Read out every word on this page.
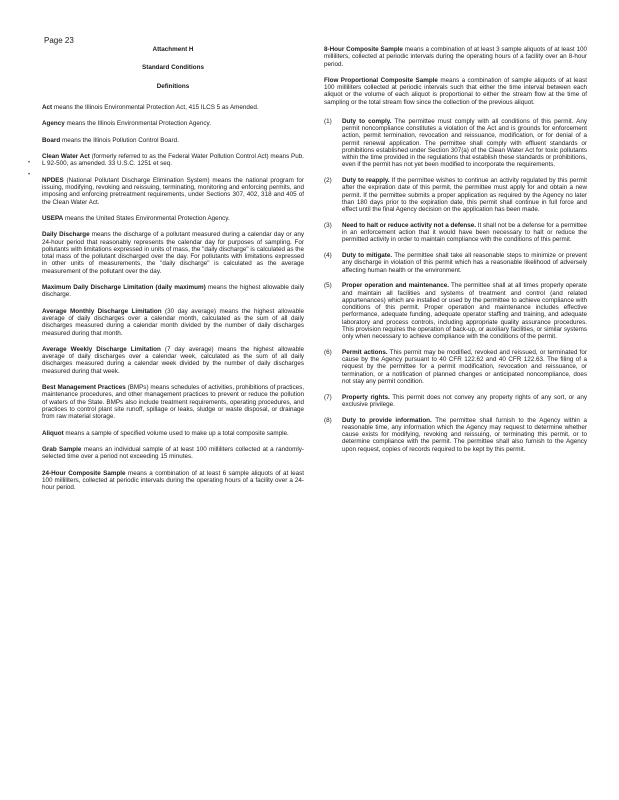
Page 23
•
•
Attachment H
Standard Conditions
Definitions

Act means the Illinois Environmental Protection Act, 415 ILCS 5 as Amended.

Agency means the Illinois Environmental Protection Agency.

Board means the Illinois Pollution Control Board.

Clean Water Act (formerly referred to as the Federal Water Pollution Control Act) means Pub. L 92-500, as amended. 33 U.S.C. 1251 et seq.

NPDES (National Pollutant Discharge Elimination System) means the national program for issuing, modifying, revoking and reissuing, terminating, monitoring and enforcing permits, and imposing and enforcing pretreatment requirements, under Sections 307, 402, 318 and 405 of the Clean Water Act.

USEPA means the United States Environmental Protection Agency.

Daily Discharge means the discharge of a pollutant measured during a calendar day or any 24-hour period that reasonably represents the calendar day for purposes of sampling. For pollutants with limitations expressed in units of mass, the "daily discharge" is calculated as the total mass of the pollutant discharged over the day. For pollutants with limitations expressed in other units of measurements, the "daily discharge" is calculated as the average measurement of the pollutant over the day.

Maximum Daily Discharge Limitation (daily maximum) means the highest allowable daily discharge.

Average Monthly Discharge Limitation (30 day average) means the highest allowable average of daily discharges over a calendar month, calculated as the sum of all daily discharges measured during a calendar month divided by the number of daily discharges measured during that month.

Average Weekly Discharge Limitation (7 day average) means the highest allowable average of daily discharges over a calendar week, calculated as the sum of all daily discharges measured during a calendar week divided by the number of daily discharges measured during that week.

Best Management Practices (BMPs) means schedules of activities, prohibitions of practices, maintenance procedures, and other management practices to prevent or reduce the pollution of waters of the State. BMPs also include treatment requirements, operating procedures, and practices to control plant site runoff, spillage or leaks, sludge or waste disposal, or drainage from raw material storage.

Aliquot means a sample of specified volume used to make up a total composite sample.

Grab Sample means an individual sample of at least 100 milliliters collected at a randomly-selected time over a period not exceeding 15 minutes.

24-Hour Composite Sample means a combination of at least 6 sample aliquots of at least 100 milliliters, collected at periodic intervals during the operating hours of a facility over a 24-hour period.

8-Hour Composite Sample means a combination of at least 3 sample aliquots of at least 100 milliliters, collected at periodic intervals during the operating hours of a facility over an 8-hour period.

Flow Proportional Composite Sample means a combination of sample aliquots of at least 100 milliliters collected at periodic intervals such that either the time interval between each aliquot or the volume of each aliquot is proportional to either the stream flow at the time of sampling or the total stream flow since the collection of the previous aliquot.

(1) Duty to comply. The permittee must comply with all conditions of this permit. Any permit noncompliance constitutes a violation of the Act and is grounds for enforcement action, permit termination, revocation and reissuance, modification, or for denial of a permit renewal application. The permittee shall comply with effluent standards or prohibitions established under Section 307(a) of the Clean Water Act for toxic pollutants within the time provided in the regulations that establish these standards or prohibitions, even if the permit has not yet been modified to incorporate the requirements.
(2) Duty to reapply. If the permittee wishes to continue an activity regulated by this permit after the expiration date of this permit, the permittee must apply for and obtain a new permit. If the permittee submits a proper application as required by the Agency no later than 180 days prior to the expiration date, this permit shall continue in full force and effect until the final Agency decision on the application has been made.
(3) Need to halt or reduce activity not a defense. It shall not be a defense for a permittee in an enforcement action that it would have been necessary to halt or reduce the permitted activity in order to maintain compliance with the conditions of this permit.
(4) Duty to mitigate. The permittee shall take all reasonable steps to minimize or prevent any discharge in violation of this permit which has a reasonable likelihood of adversely affecting human health or the environment.
(5) Proper operation and maintenance. The permittee shall at all times properly operate and maintain all facilities and systems of treatment and control (and related appurtenances) which are installed or used by the permittee to achieve compliance with conditions of this permit. Proper operation and maintenance includes effective performance, adequate funding, adequate operator staffing and training, and adequate laboratory and process controls, including appropriate quality assurance procedures. This provision requires the operation of back-up, or auxiliary facilities, or similar systems only when necessary to achieve compliance with the conditions of the permit.
(6) Permit actions. This permit may be modified, revoked and reissued, or terminated for cause by the Agency pursuant to 40 CFR 122.62 and 40 CFR 122.63. The filing of a request by the permittee for a permit modification, revocation and reissuance, or termination, or a notification of planned changes or anticipated noncompliance, does not stay any permit condition.
(7) Property rights. This permit does not convey any property rights of any sort, or any exclusive privilege.
(8) Duty to provide information. The permittee shall furnish to the Agency within a reasonable time, any information which the Agency may request to determine whether cause exists for modifying, revoking and reissuing, or terminating this permit, or to determine compliance with the permit. The permittee shall also furnish to the Agency upon request, copies of records required to be kept by this permit.
